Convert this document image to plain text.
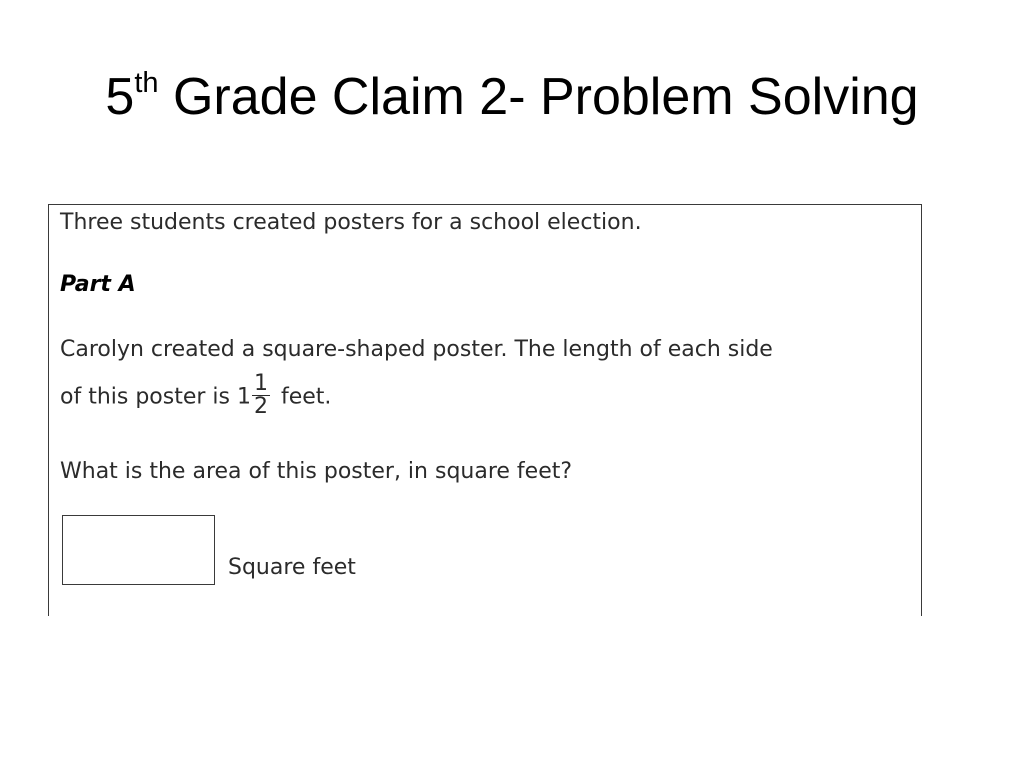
5th Grade Claim 2- Problem Solving
Three students created posters for a school election.
Part A
Carolyn created a square-shaped poster. The length of each side
of this poster is $1 \frac{1}{2}$ feet.
What is the area of this poster, in square feet?
Square feet
